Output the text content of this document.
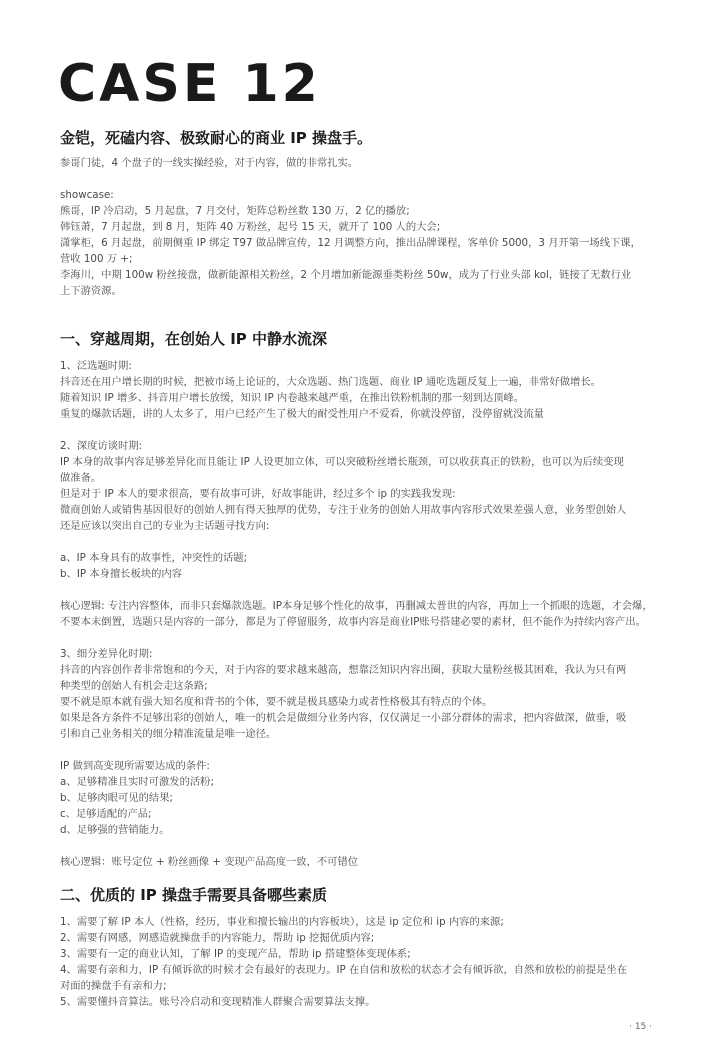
CASE 12
金铠，死磕内容、极致耐心的商业 IP 操盘手。

参哥门徒，4 个盘子的一线实操经验，对于内容，做的非常扎实。

showcase:

熊哥，IP 冷启动，5 月起盘，7 月交付，矩阵总粉丝数 130 万，2 亿的播放;

韩钰萧，7 月起盘，到 8 月，矩阵 40 万粉丝，起号 15 天，就开了 100 人的大会;

潇掌柜，6 月起盘，前期侧重 IP 绑定 T97 做品牌宣传，12 月调整方向，推出品牌课程，客单价 5000，3 月开第一场线下课，

营收 100 万 +;

李海川，中期 100w 粉丝接盘，做新能源相关粉丝，2 个月增加新能源垂类粉丝 50w，成为了行业头部 kol，链接了无数行业

上下游资源。

一、穿越周期，在创始人 IP 中静水流深

1、泛选题时期:

抖音还在用户增长期的时候，把被市场上论证的，大众选题、热门选题、商业 IP 通吃选题反复上一遍，非常好做增长。

随着知识 IP 增多、抖音用户增长放缓，知识 IP 内卷越来越严重，在推出铁粉机制的那一刻到达顶峰。

重复的爆款话题，讲的人太多了，用户已经产生了极大的耐受性用户不爱看，你就没停留，没停留就没流量

2、深度访谈时期:

IP 本身的故事内容足够差异化而且能让 IP 人设更加立体，可以突破粉丝增长瓶颈，可以收获真正的铁粉，也可以为后续变现

做准备。

但是对于 IP 本人的要求很高，要有故事可讲，好故事能讲，经过多个 ip 的实践我发现:

微商创始人或销售基因很好的创始人拥有得天独厚的优势，专注于业务的创始人用故事内容形式效果差强人意，业务型创始人

还是应该以突出自己的专业为主话题寻找方向:

a、IP 本身具有的故事性，冲突性的话题;

b、IP 本身擅长板块的内容

核心逻辑: 专注内容整体，而非只套爆款选题。IP本身足够个性化的故事，再删减太普世的内容，再加上一个抓眼的选题，才会爆，

不要本末倒置，选题只是内容的一部分，都是为了停留服务，故事内容是商业IP账号搭建必要的素材，但不能作为持续内容产出。

3、细分差异化时期:

抖音的内容创作者非常饱和的今天，对于内容的要求越来越高，想靠泛知识内容出圈，获取大量粉丝极其困难，我认为只有两

种类型的创始人有机会走这条路;

要不就是原本就有强大知名度和背书的个体，要不就是极具感染力或者性格极其有特点的个体。

如果是各方条件不足够出彩的创始人，唯一的机会是做细分业务内容，仅仅满足一小部分群体的需求，把内容做深，做垂，吸

引和自己业务相关的细分精准流量是唯一途径。

IP 做到高变现所需要达成的条件:

a、足够精准且实时可激发的活粉;

b、足够肉眼可见的结果;

c、足够适配的产品;

d、足够强的营销能力。

核心逻辑：账号定位 + 粉丝画像 + 变现产品高度一致，不可错位

二、优质的 IP 操盘手需要具备哪些素质

1、需要了解 IP 本人（性格，经历，事业和擅长输出的内容板块），这是 ip 定位和 ip 内容的来源;

2、需要有网感，网感造就操盘手的内容能力，帮助 ip 挖掘优质内容;

3、需要有一定的商业认知，了解 IP 的变现产品，帮助 ip 搭建整体变现体系;

4、需要有亲和力，IP 有倾诉欲的时候才会有最好的表现力。IP 在自信和放松的状态才会有倾诉欲，自然和放松的前提是坐在

对面的操盘手有亲和力;

5、需要懂抖音算法。账号冷启动和变现精准人群聚合需要算法支撑。

· 15 ·
